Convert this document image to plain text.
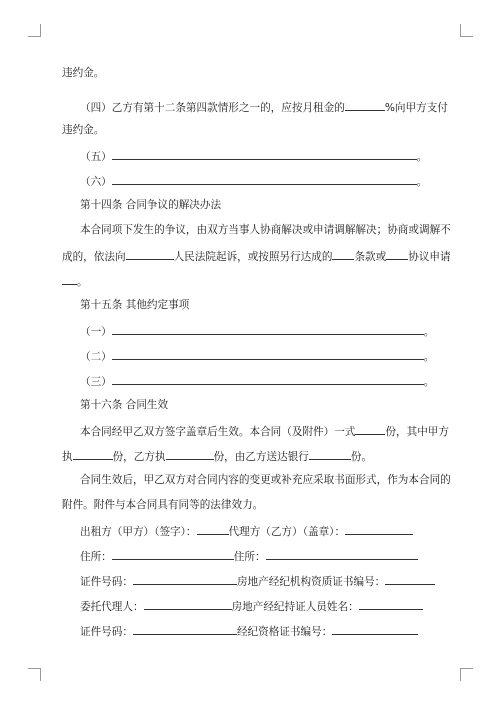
违约金。
（四）乙方有第十二条第四款情形之一的，应按月租金的	%向甲方支付
违约金。
（五）	。
（六）	。
第十四条 合同争议的解决办法
本合同项下发生的争议，由双方当事人协商解决或申请调解解决；协商或调解不
成的，依法向	人民法院起诉，或按照另行达成的 条款或 协议申请
。
第十五条 其他约定事项
（一）	。
（二）	。
（三）	。
第十六条 合同生效
本合同经甲乙双方签字盖章后生效。本合同（及附件）一式	份，其中甲方
执	份，乙方执	份，由乙方送达银行	份。
合同生效后，甲乙双方对合同内容的变更或补充应采取书面形式，作为本合同的
附件。附件与本合同具有同等的法律效力。
出租方（甲方）（签字）：	代理方（乙方）（盖章）：
住所：	住所：
证件号码：	房地产经纪机构资质证书编号：
委托代理人：	房地产经纪持证人员姓名：
证件号码：	经纪资格证书编号：
